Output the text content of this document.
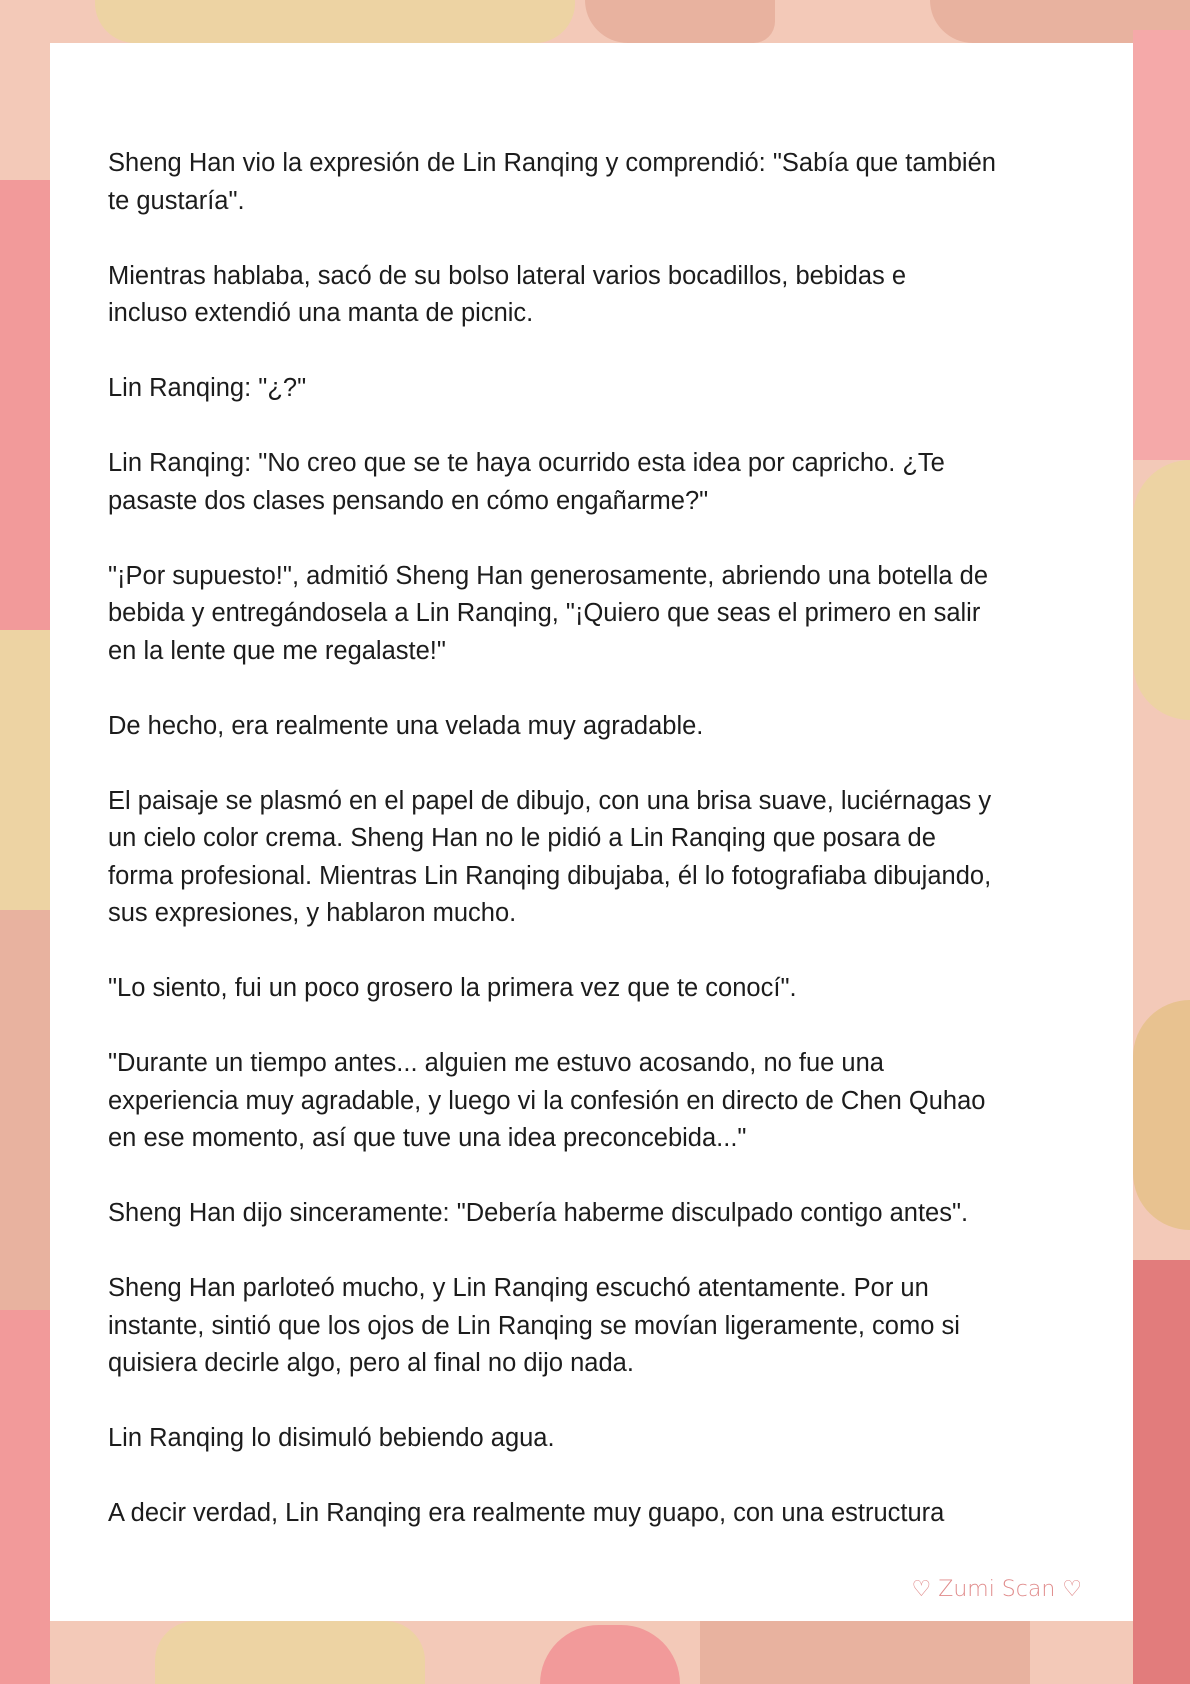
Sheng Han vio la expresión de Lin Ranqing y comprendió: "Sabía que también
te gustaría".

Mientras hablaba, sacó de su bolso lateral varios bocadillos, bebidas e
incluso extendió una manta de picnic.

Lin Ranqing: "¿?"

Lin Ranqing: "No creo que se te haya ocurrido esta idea por capricho. ¿Te
pasaste dos clases pensando en cómo engañarme?"

"¡Por supuesto!", admitió Sheng Han generosamente, abriendo una botella de
bebida y entregándosela a Lin Ranqing, "¡Quiero que seas el primero en salir
en la lente que me regalaste!"

De hecho, era realmente una velada muy agradable.

El paisaje se plasmó en el papel de dibujo, con una brisa suave, luciérnagas y
un cielo color crema. Sheng Han no le pidió a Lin Ranqing que posara de
forma profesional. Mientras Lin Ranqing dibujaba, él lo fotografiaba dibujando,
sus expresiones, y hablaron mucho.

"Lo siento, fui un poco grosero la primera vez que te conocí".

"Durante un tiempo antes... alguien me estuvo acosando, no fue una
experiencia muy agradable, y luego vi la confesión en directo de Chen Quhao
en ese momento, así que tuve una idea preconcebida..."

Sheng Han dijo sinceramente: "Debería haberme disculpado contigo antes".

Sheng Han parloteó mucho, y Lin Ranqing escuchó atentamente. Por un
instante, sintió que los ojos de Lin Ranqing se movían ligeramente, como si
quisiera decirle algo, pero al final no dijo nada.

Lin Ranqing lo disimuló bebiendo agua.

A decir verdad, Lin Ranqing era realmente muy guapo, con una estructura

♡ Zumi Scan ♡
